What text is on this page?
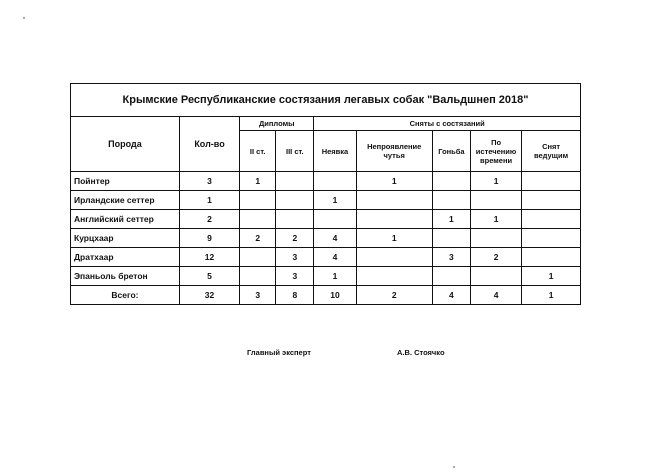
Крымские Республиканские состязания легавых собак "Вальдшнеп 2018"
Порода	Кол-во	Дипломы		Сняты с состязаний				
		II ст.	III ст.	Неявка	Непроявление чутья	Гоньба	По истечению времени	Снят ведущим
Пойнтер	3	1			1		1	
Ирландские сеттер	1			1				
Английский сеттер	2					1	1	
Курцхаар	9	2	2	4	1			
Дратхаар	12		3	4		3	2	
Эпаньоль бретон	5		3	1				1
Всего:	32	3	8	10	2	4	4	1
Главный эксперт	А.В. Стоячко
